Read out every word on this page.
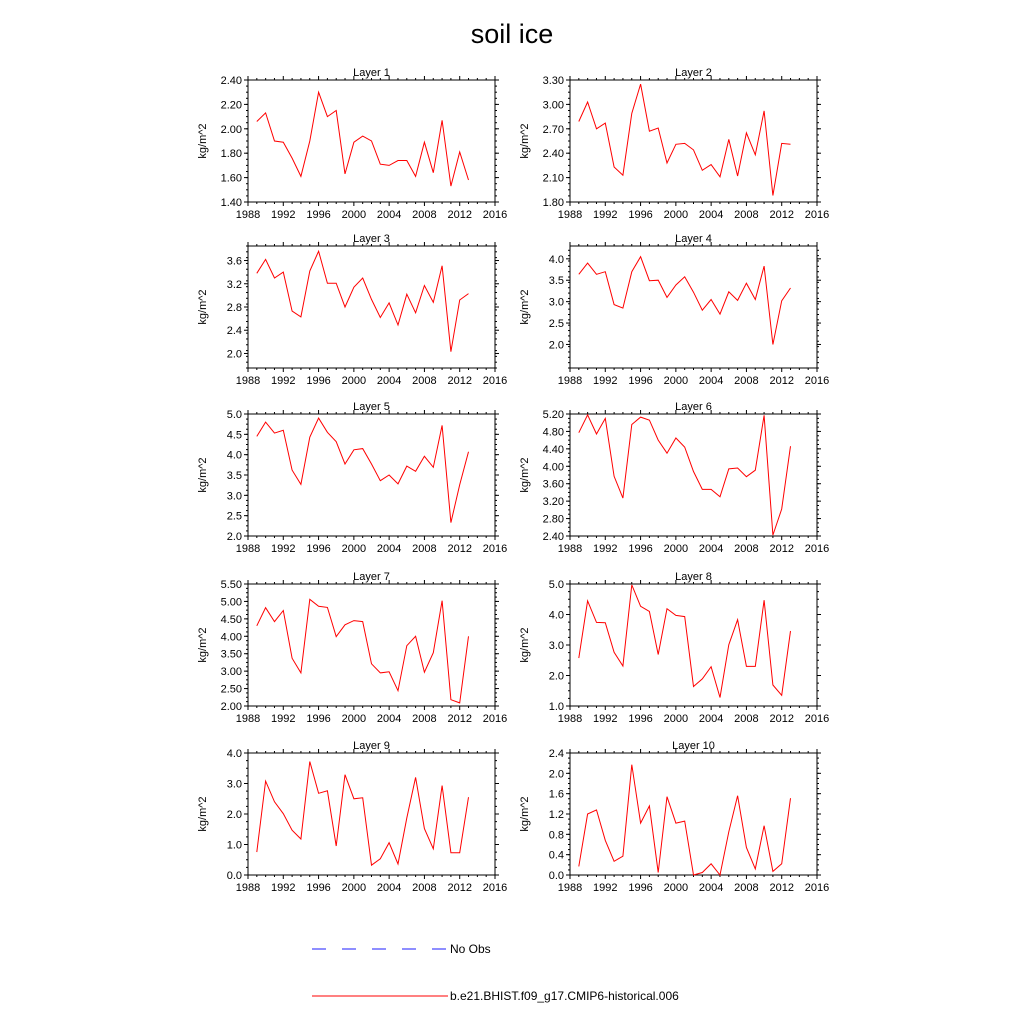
soil ice
Layer 1
kg/m^2
1988 1992 1996 2000 2004 2008 2012 2016
1.40
1.60
1.80
2.00
2.20
2.40
Layer 2
kg/m^2
1988 1992 1996 2000 2004 2008 2012 2016
1.80
2.10
2.40
2.70
3.00
3.30
Layer 3
kg/m^2
1988 1992 1996 2000 2004 2008 2012 2016
2.0
2.4
2.8
3.2
3.6
Layer 4
kg/m^2
1988 1992 1996 2000 2004 2008 2012 2016
2.0
2.5
3.0
3.5
4.0
Layer 5
kg/m^2
1988 1992 1996 2000 2004 2008 2012 2016
2.0
2.5
3.0
3.5
4.0
4.5
5.0
Layer 6
kg/m^2
1988 1992 1996 2000 2004 2008 2012 2016
2.40
2.80
3.20
3.60
4.00
4.40
4.80
5.20
Layer 7
kg/m^2
1988 1992 1996 2000 2004 2008 2012 2016
2.00
2.50
3.00
3.50
4.00
4.50
5.00
5.50
Layer 8
kg/m^2
1988 1992 1996 2000 2004 2008 2012 2016
1.0
2.0
3.0
4.0
5.0
Layer 9
kg/m^2
1988 1992 1996 2000 2004 2008 2012 2016
0.0
1.0
2.0
3.0
4.0
Layer 10
kg/m^2
1988 1992 1996 2000 2004 2008 2012 2016
0.0
0.4
0.8
1.2
1.6
2.0
2.4
No Obs
b.e21.BHIST.f09_g17.CMIP6-historical.006
